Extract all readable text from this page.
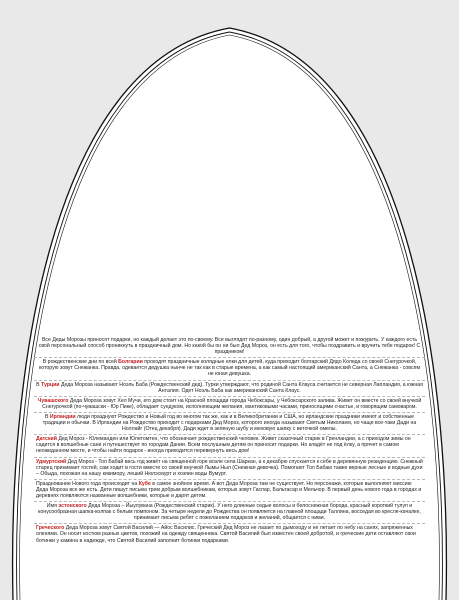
Все Деды Морозы приносят подарки, но каждый делает это по-своему. Все выглядят по-разному, один добрый, а другой может и пожурить. У каждого есть свой персональный способ проникнуть в праздничный дом. Но какой бы он ни был Дед Мороз, он есть для того, чтобы поздравить и вручить тебе подарок! С праздником!

В рождественские дни по всей Болгарии проходят праздничные колядные елки для детей, куда приходит болгарский Дядо Коледа со своей Снегурочкой, которую зовут Снежанка. Правда, одевается дедушка нынче не так как в старые времена, а как самый настоящий американский Санта, а Снежанка - совсем не юная девушка.

В Турции Деда Мороза называют Ноэль Баба (Рождественский дед). Турки утверждают, что родиной Санта Клауса считается не северная Лапландия, а южная Анталия. Одет Ноэль Баба как американский Санта Клаус.

Чувашского Деда Мороза зовут Хел Мучи, его дом стоит на Красной площади города Чебоксары, у Чебоксарского залива. Живет он вместе со своей внучкой Снегурочкой (по-чувашски - Юр Пике), обладает сундуком, исполняющим желания, мантиковыми часами, приносящими счастье, и говорящим самоваром.

В Ирландии люди празднуют Рождество и Новый год во многом так же, как и в Великобритании и США, но ирландские праздники имеют и собственные традиции и обычаи. В Ирландии на Рождество приходит с подарками Дед Мороз, которого иногда называют Святым Николаем, но чаще все-таки Дади на Ноллайг (Отец декабря). Дади ждет в зеленую шубу и меховую шапку с веточкой омелы.

Датский Дед Мороз - Юлеманден или Юлетомтен, что обозначает рождественский человек. Живет сказочный старик в Гренландии, а с приходом зимы он садится в волшебные сани и путешествует по городам Дании. Всем послушным детям он приносит подарки. Но кладёт не под ёлку, а прячет в самом неожиданном месте, и чтобы найти подарок - иногда приходится перевернуть весь дом!

Удмуртский Дед Мороз - Тол Бабай весь год живёт на священной горе возле села Шаркан, а к декабрю спускается к себе в деревянную резиденцию. Снежный старец принимает гостей, сам ходит в гости вместе со своей внучкой Лымы Ныл (Снежная девочка). Помогают Тол Бабаю также верные лесные и водные духи – Обыда, похожая на нашу кикимору, леший Нюлэсмурт и хозяин воды Вумурт.

Празднование Нового года происходит на Кубе в самое знойное время. А вот Деда Мороза там не существует. Но персонажи, которые выполняют миссию Деда Мороза все же есть. Дети пишут письма трем добрым волшебникам, которых зовут Гаспар, Бальтасар и Мельчор. В первый день нового года в городах и деревнях появляются названные волшебники, которые и дарят детям.

Имя эстонского Деда Мороза – Йыулувана (Рождественский старик). У него длинные седые волосы и белоснежная борода, красный короткий тулуп и конусообразная шапка-колпак с белым помпоном. За четыре недели до Рождества он появляется на главной площади Таллина, восседая во кресле-качалке, принимает письма ребят с пожеланием подарков и желаний, общается с ними.

Греческого Деда Мороза зовут Святой Василий — Айос Василис. Греческий Дед Мороз не лазает по дымоходу и не летает по небу на санях, запряженных оленями. Он носит костюм разных цветов, похожий на одежду священника. Святой Василий был известен своей добротой, и греческие дети оставляют свои ботинки у камина в надежде, что Святой Василий заполнит ботинки подарками.
